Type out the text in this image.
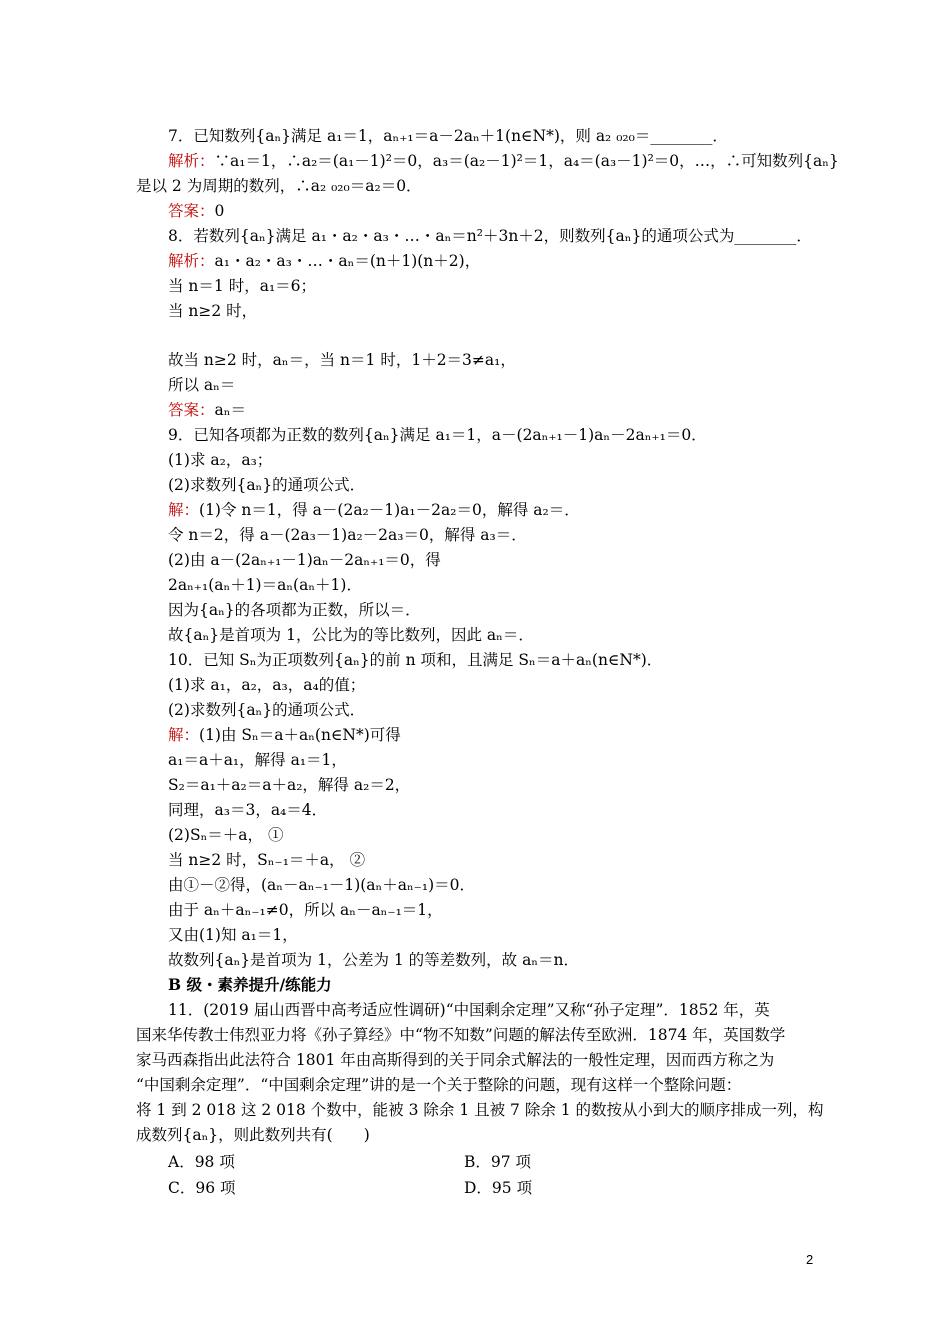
7．已知数列{aₙ}满足 a₁＝1，aₙ₊₁＝a－2aₙ＋1(n∈N*)，则 a₂ ₀₂₀＝________．
解析：∵a₁＝1，∴a₂＝(a₁－1)²＝0，a₃＝(a₂－1)²＝1，a₄＝(a₃－1)²＝0，…，∴可知数列{aₙ}
是以 2 为周期的数列，∴a₂ ₀₂₀＝a₂＝0．
答案：0
8．若数列{aₙ}满足 a₁・a₂・a₃・…・aₙ＝n²＋3n＋2，则数列{aₙ}的通项公式为________．
解析：a₁・a₂・a₃・…・aₙ＝(n＋1)(n＋2)，
当 n＝1 时，a₁＝6；
当 n≥2 时，
故当 n≥2 时，aₙ＝，当 n＝1 时，1＋2＝3≠a₁，
所以 aₙ＝
答案：aₙ＝
9．已知各项都为正数的数列{aₙ}满足 a₁＝1，a－(2aₙ₊₁－1)aₙ－2aₙ₊₁＝0．
(1)求 a₂，a₃；
(2)求数列{aₙ}的通项公式．
解：(1)令 n＝1，得 a－(2a₂－1)a₁－2a₂＝0，解得 a₂＝．
令 n＝2，得 a－(2a₃－1)a₂－2a₃＝0，解得 a₃＝．
(2)由 a－(2aₙ₊₁－1)aₙ－2aₙ₊₁＝0，得
2aₙ₊₁(aₙ＋1)＝aₙ(aₙ＋1)．
因为{aₙ}的各项都为正数，所以＝．
故{aₙ}是首项为 1，公比为的等比数列，因此 aₙ＝．
10．已知 Sₙ为正项数列{aₙ}的前 n 项和，且满足 Sₙ＝a＋aₙ(n∈N*)．
(1)求 a₁，a₂，a₃，a₄的值；
(2)求数列{aₙ}的通项公式．
解：(1)由 Sₙ＝a＋aₙ(n∈N*)可得
a₁＝a＋a₁，解得 a₁＝1，
S₂＝a₁＋a₂＝a＋a₂，解得 a₂＝2，
同理，a₃＝3，a₄＝4．
(2)Sₙ＝＋a， ①
当 n≥2 时，Sₙ₋₁＝＋a， ②
由①－②得，(aₙ－aₙ₋₁－1)(aₙ＋aₙ₋₁)＝0．
由于 aₙ＋aₙ₋₁≠0，所以 aₙ－aₙ₋₁＝1，
又由(1)知 a₁＝1，
故数列{aₙ}是首项为 1，公差为 1 的等差数列，故 aₙ＝n．
B 级・素养提升/练能力
11．(2019 届山西晋中高考适应性调研)“中国剩余定理”又称“孙子定理”．1852 年，英
国来华传教士伟烈亚力将《孙子算经》中“物不知数”问题的解法传至欧洲．1874 年，英国数学
家马西森指出此法符合 1801 年由高斯得到的关于同余式解法的一般性定理，因而西方称之为
“中国剩余定理”．“中国剩余定理”讲的是一个关于整除的问题，现有这样一个整除问题：
将 1 到 2 018 这 2 018 个数中，能被 3 除余 1 且被 7 除余 1 的数按从小到大的顺序排成一列，构
成数列{aₙ}，则此数列共有(　　)
A．98 项	B．97 项
C．96 项	D．95 项
2
